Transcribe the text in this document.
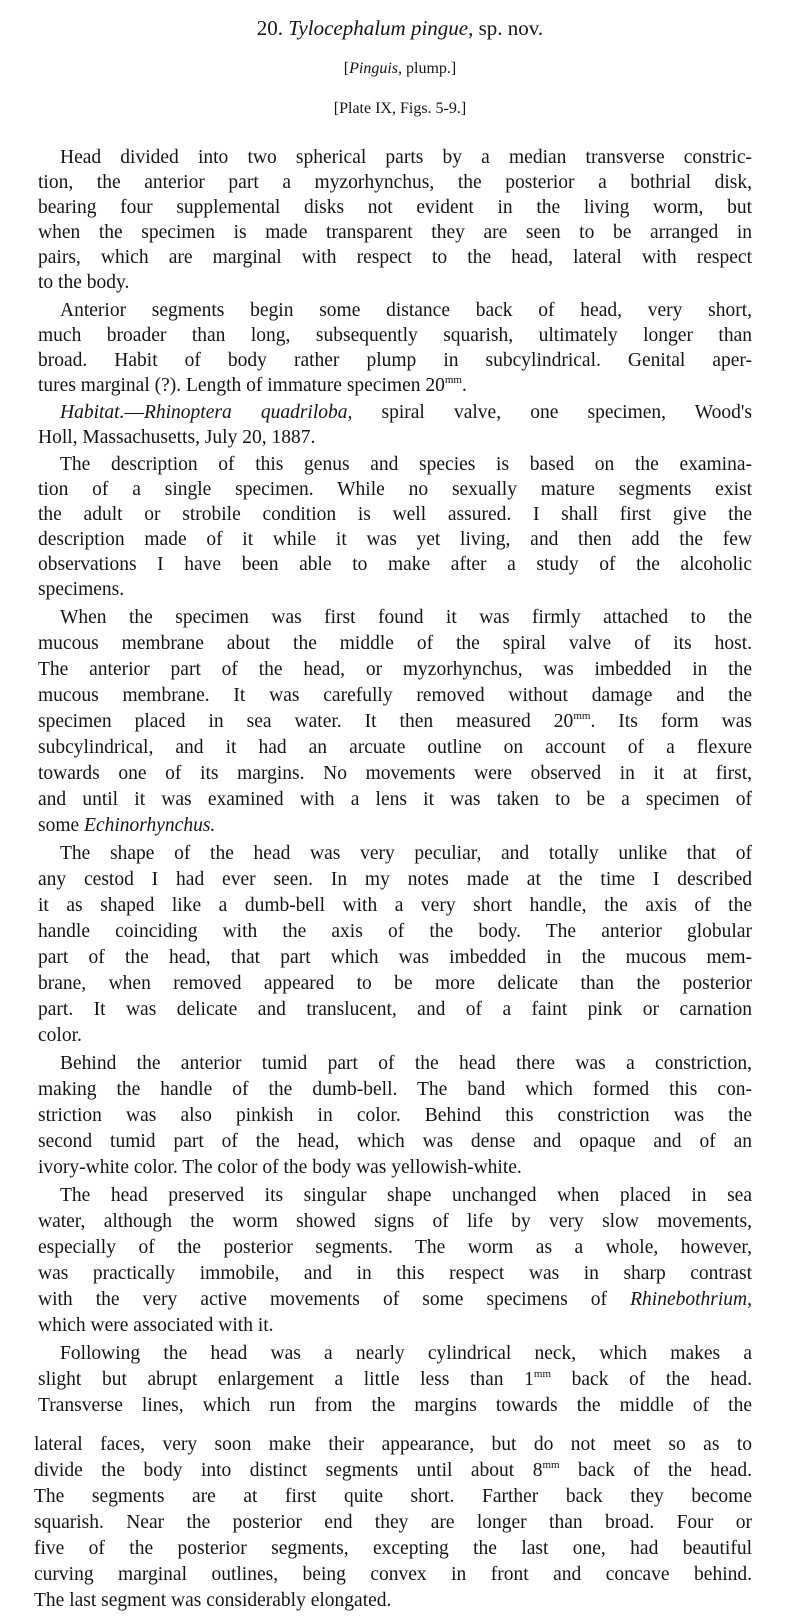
20. Tylocephalum pingue, sp. nov.
[Pinguis, plump.]
[Plate IX, Figs. 5-9.]
Head divided into two spherical parts by a median transverse constric-
tion, the anterior part a myzorhynchus, the posterior a bothrial disk,
bearing four supplemental disks not evident in the living worm, but
when the specimen is made transparent they are seen to be arranged in
pairs, which are marginal with respect to the head, lateral with respect
to the body.
Anterior segments begin some distance back of head, very short,
much broader than long, subsequently squarish, ultimately longer than
broad. Habit of body rather plump in subcylindrical. Genital aper-
tures marginal (?). Length of immature specimen $20^{mm}$.
Habitat.—Rhinoptera quadriloba, spiral valve, one specimen, Wood's
Holl, Massachusetts, July 20, 1887.
The description of this genus and species is based on the examina-
tion of a single specimen. While no sexually mature segments exist
the adult or strobile condition is well assured. I shall first give the
description made of it while it was yet living, and then add the few
observations I have been able to make after a study of the alcoholic
specimens.
When the specimen was first found it was firmly attached to the
mucous membrane about the middle of the spiral valve of its host.
The anterior part of the head, or myzorhynchus, was imbedded in the
mucous membrane. It was carefully removed without damage and the
specimen placed in sea water. It then measured $20^{mm}$. Its form was
subcylindrical, and it had an arcuate outline on account of a flexure
towards one of its margins. No movements were observed in it at first,
and until it was examined with a lens it was taken to be a specimen of
some Echinorhynchus.
The shape of the head was very peculiar, and totally unlike that of
any cestod I had ever seen. In my notes made at the time I described
it as shaped like a dumb-bell with a very short handle, the axis of the
handle coinciding with the axis of the body. The anterior globular
part of the head, that part which was imbedded in the mucous mem-
brane, when removed appeared to be more delicate than the posterior
part. It was delicate and translucent, and of a faint pink or carnation
color.
Behind the anterior tumid part of the head there was a constriction,
making the handle of the dumb-bell. The band which formed this con-
striction was also pinkish in color. Behind this constriction was the
second tumid part of the head, which was dense and opaque and of an
ivory-white color. The color of the body was yellowish-white.
The head preserved its singular shape unchanged when placed in sea
water, although the worm showed signs of life by very slow movements,
especially of the posterior segments. The worm as a whole, however,
was practically immobile, and in this respect was in sharp contrast
with the very active movements of some specimens of Rhinebothrium,
which were associated with it.
Following the head was a nearly cylindrical neck, which makes a
slight but abrupt enlargement a little less than $1^{mm}$ back of the head.
Transverse lines, which run from the margins towards the middle of the
lateral faces, very soon make their appearance, but do not meet so as to
divide the body into distinct segments until about $8^{mm}$ back of the head.
The segments are at first quite short. Farther back they become
squarish. Near the posterior end they are longer than broad. Four or
five of the posterior segments, excepting the last one, had beautiful
curving marginal outlines, being convex in front and concave behind.
The last segment was considerably elongated.
